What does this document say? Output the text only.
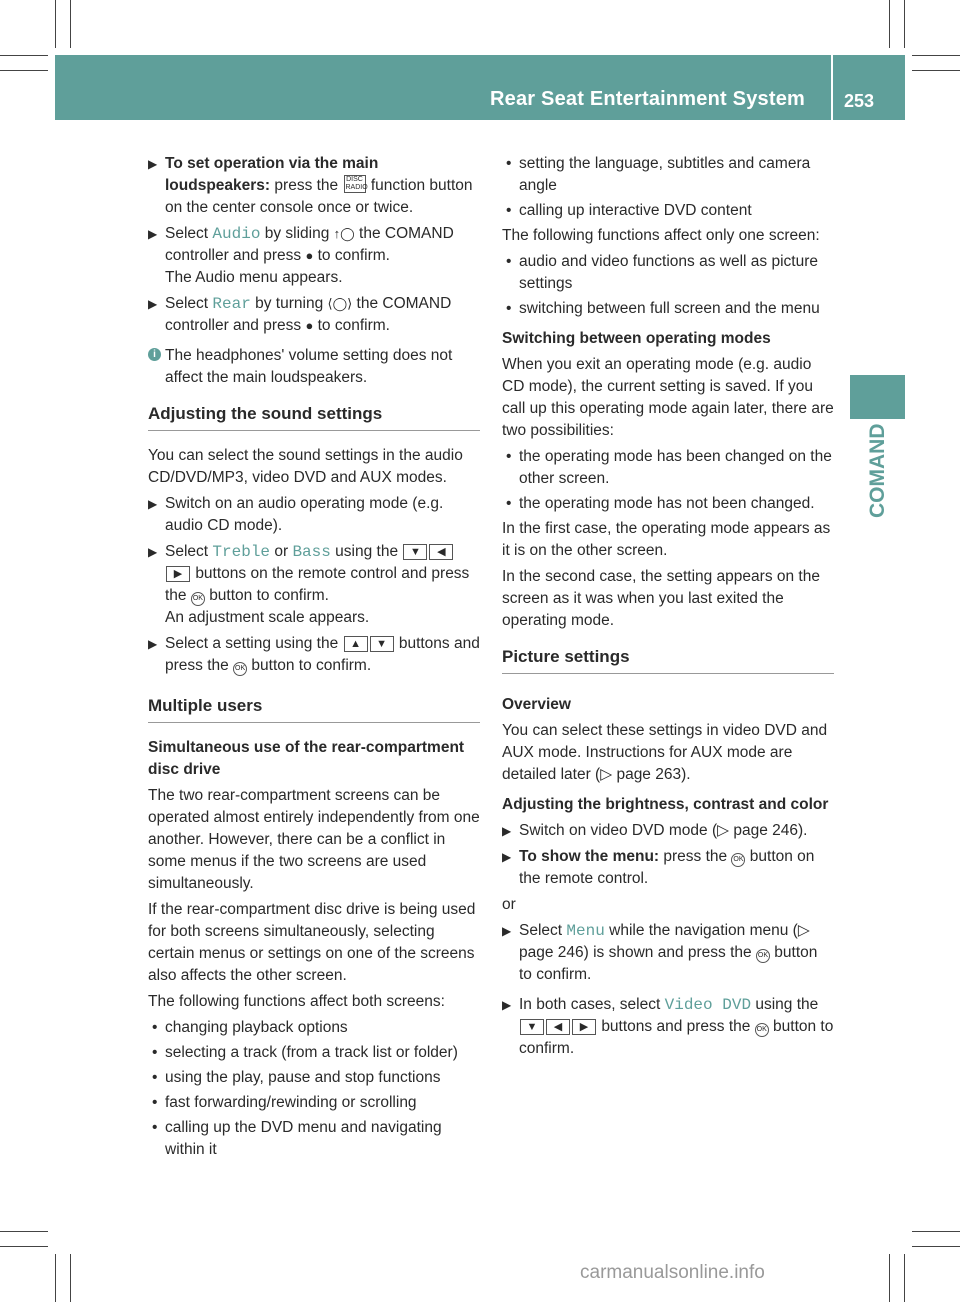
Rear Seat Entertainment System 253
COMAND
▶ To set operation via the main loudspeakers: press the DISC RADIO function button on the center console once or twice.
▶ Select Audio by sliding ↑◯ the COMAND controller and press ● to confirm.
The Audio menu appears.
▶ Select Rear by turning ⟨◯⟩ the COMAND controller and press ● to confirm.
i The headphones' volume setting does not affect the main loudspeakers.
Adjusting the sound settings

You can select the sound settings in the audio CD/DVD/MP3, video DVD and AUX modes.

▶ Switch on an audio operating mode (e.g. audio CD mode).
▶ Select Treble or Bass using the ▼ ◀▶ buttons on the remote control and press the OK button to confirm.
An adjustment scale appears.
▶ Select a setting using the ▲ ▼ buttons and press the OK button to confirm.
Multiple users

Simultaneous use of the rear-compartment disc drive

The two rear-compartment screens can be operated almost entirely independently from one another. However, there can be a conflict in some menus if the two screens are used simultaneously.

If the rear-compartment disc drive is being used for both screens simultaneously, selecting certain menus or settings on one of the screens also affects the other screen.

The following functions affect both screens:

• changing playback options
• selecting a track (from a track list or folder)
• using the play, pause and stop functions
• fast forwarding/rewinding or scrolling
• calling up the DVD menu and navigating within it
• setting the language, subtitles and camera angle
• calling up interactive DVD content

The following functions affect only one screen:

• audio and video functions as well as picture settings
• switching between full screen and the menu

Switching between operating modes

When you exit an operating mode (e.g. audio CD mode), the current setting is saved. If you call up this operating mode again later, there are two possibilities:

• the operating mode has been changed on the other screen.
• the operating mode has not been changed.

In the first case, the operating mode appears as it is on the other screen.

In the second case, the setting appears on the screen as it was when you last exited the operating mode.

Picture settings

Overview

You can select these settings in video DVD and AUX mode. Instructions for AUX mode are detailed later (▷ page 263).

Adjusting the brightness, contrast and color

▶ Switch on video DVD mode (▷ page 246).
▶ To show the menu: press the OK button on the remote control.

or

▶ Select Menu while the navigation menu (▷ page 246) is shown and press the OK button to confirm.
▶ In both cases, select Video DVD using the ▼ ◀ ▶ buttons and press the OK button to confirm.
carmanualsonline.info
